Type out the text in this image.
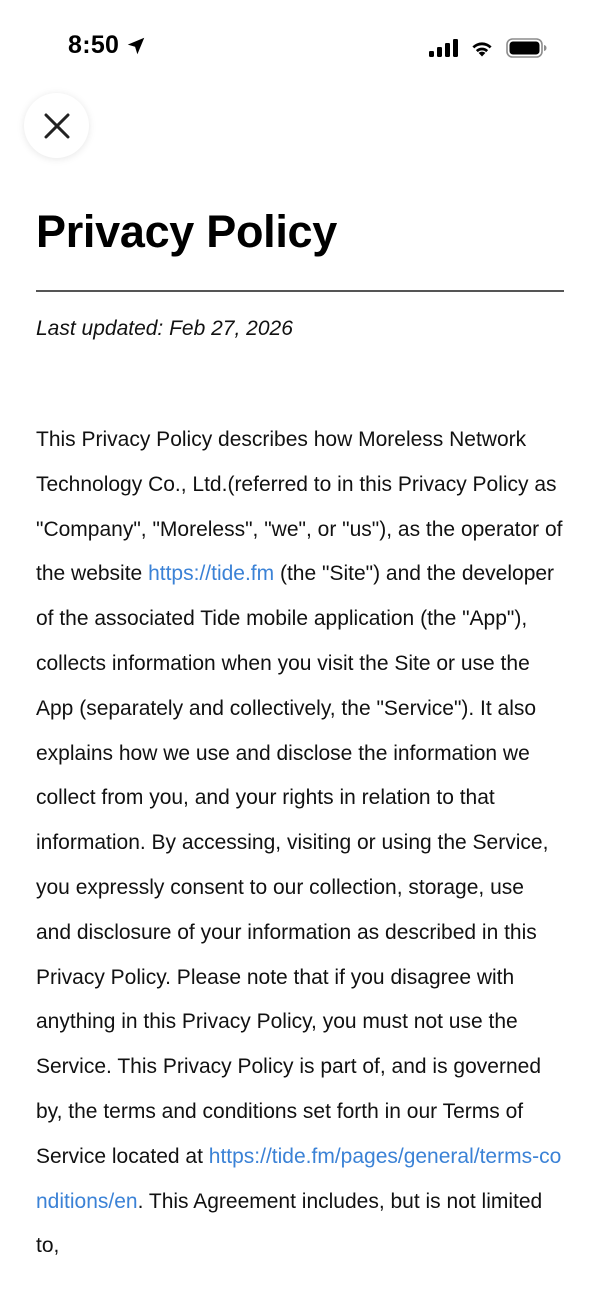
8:50
Privacy Policy

Last updated: Feb 27, 2026

This Privacy Policy describes how Moreless Network Technology Co., Ltd.(referred to in this Privacy Policy as "Company", "Moreless", "we", or "us"), as the operator of the website https://tide.fm (the "Site") and the developer of the associated Tide mobile application (the "App"), collects information when you visit the Site or use the App (separately and collectively, the "Service"). It also explains how we use and disclose the information we collect from you, and your rights in relation to that information. By accessing, visiting or using the Service, you expressly consent to our collection, storage, use and disclosure of your information as described in this Privacy Policy. Please note that if you disagree with anything in this Privacy Policy, you must not use the Service. This Privacy Policy is part of, and is governed by, the terms and conditions set forth in our Terms of Service located at https://tide.fm/pages/general/terms-conditions/en. This Agreement includes, but is not limited to,
